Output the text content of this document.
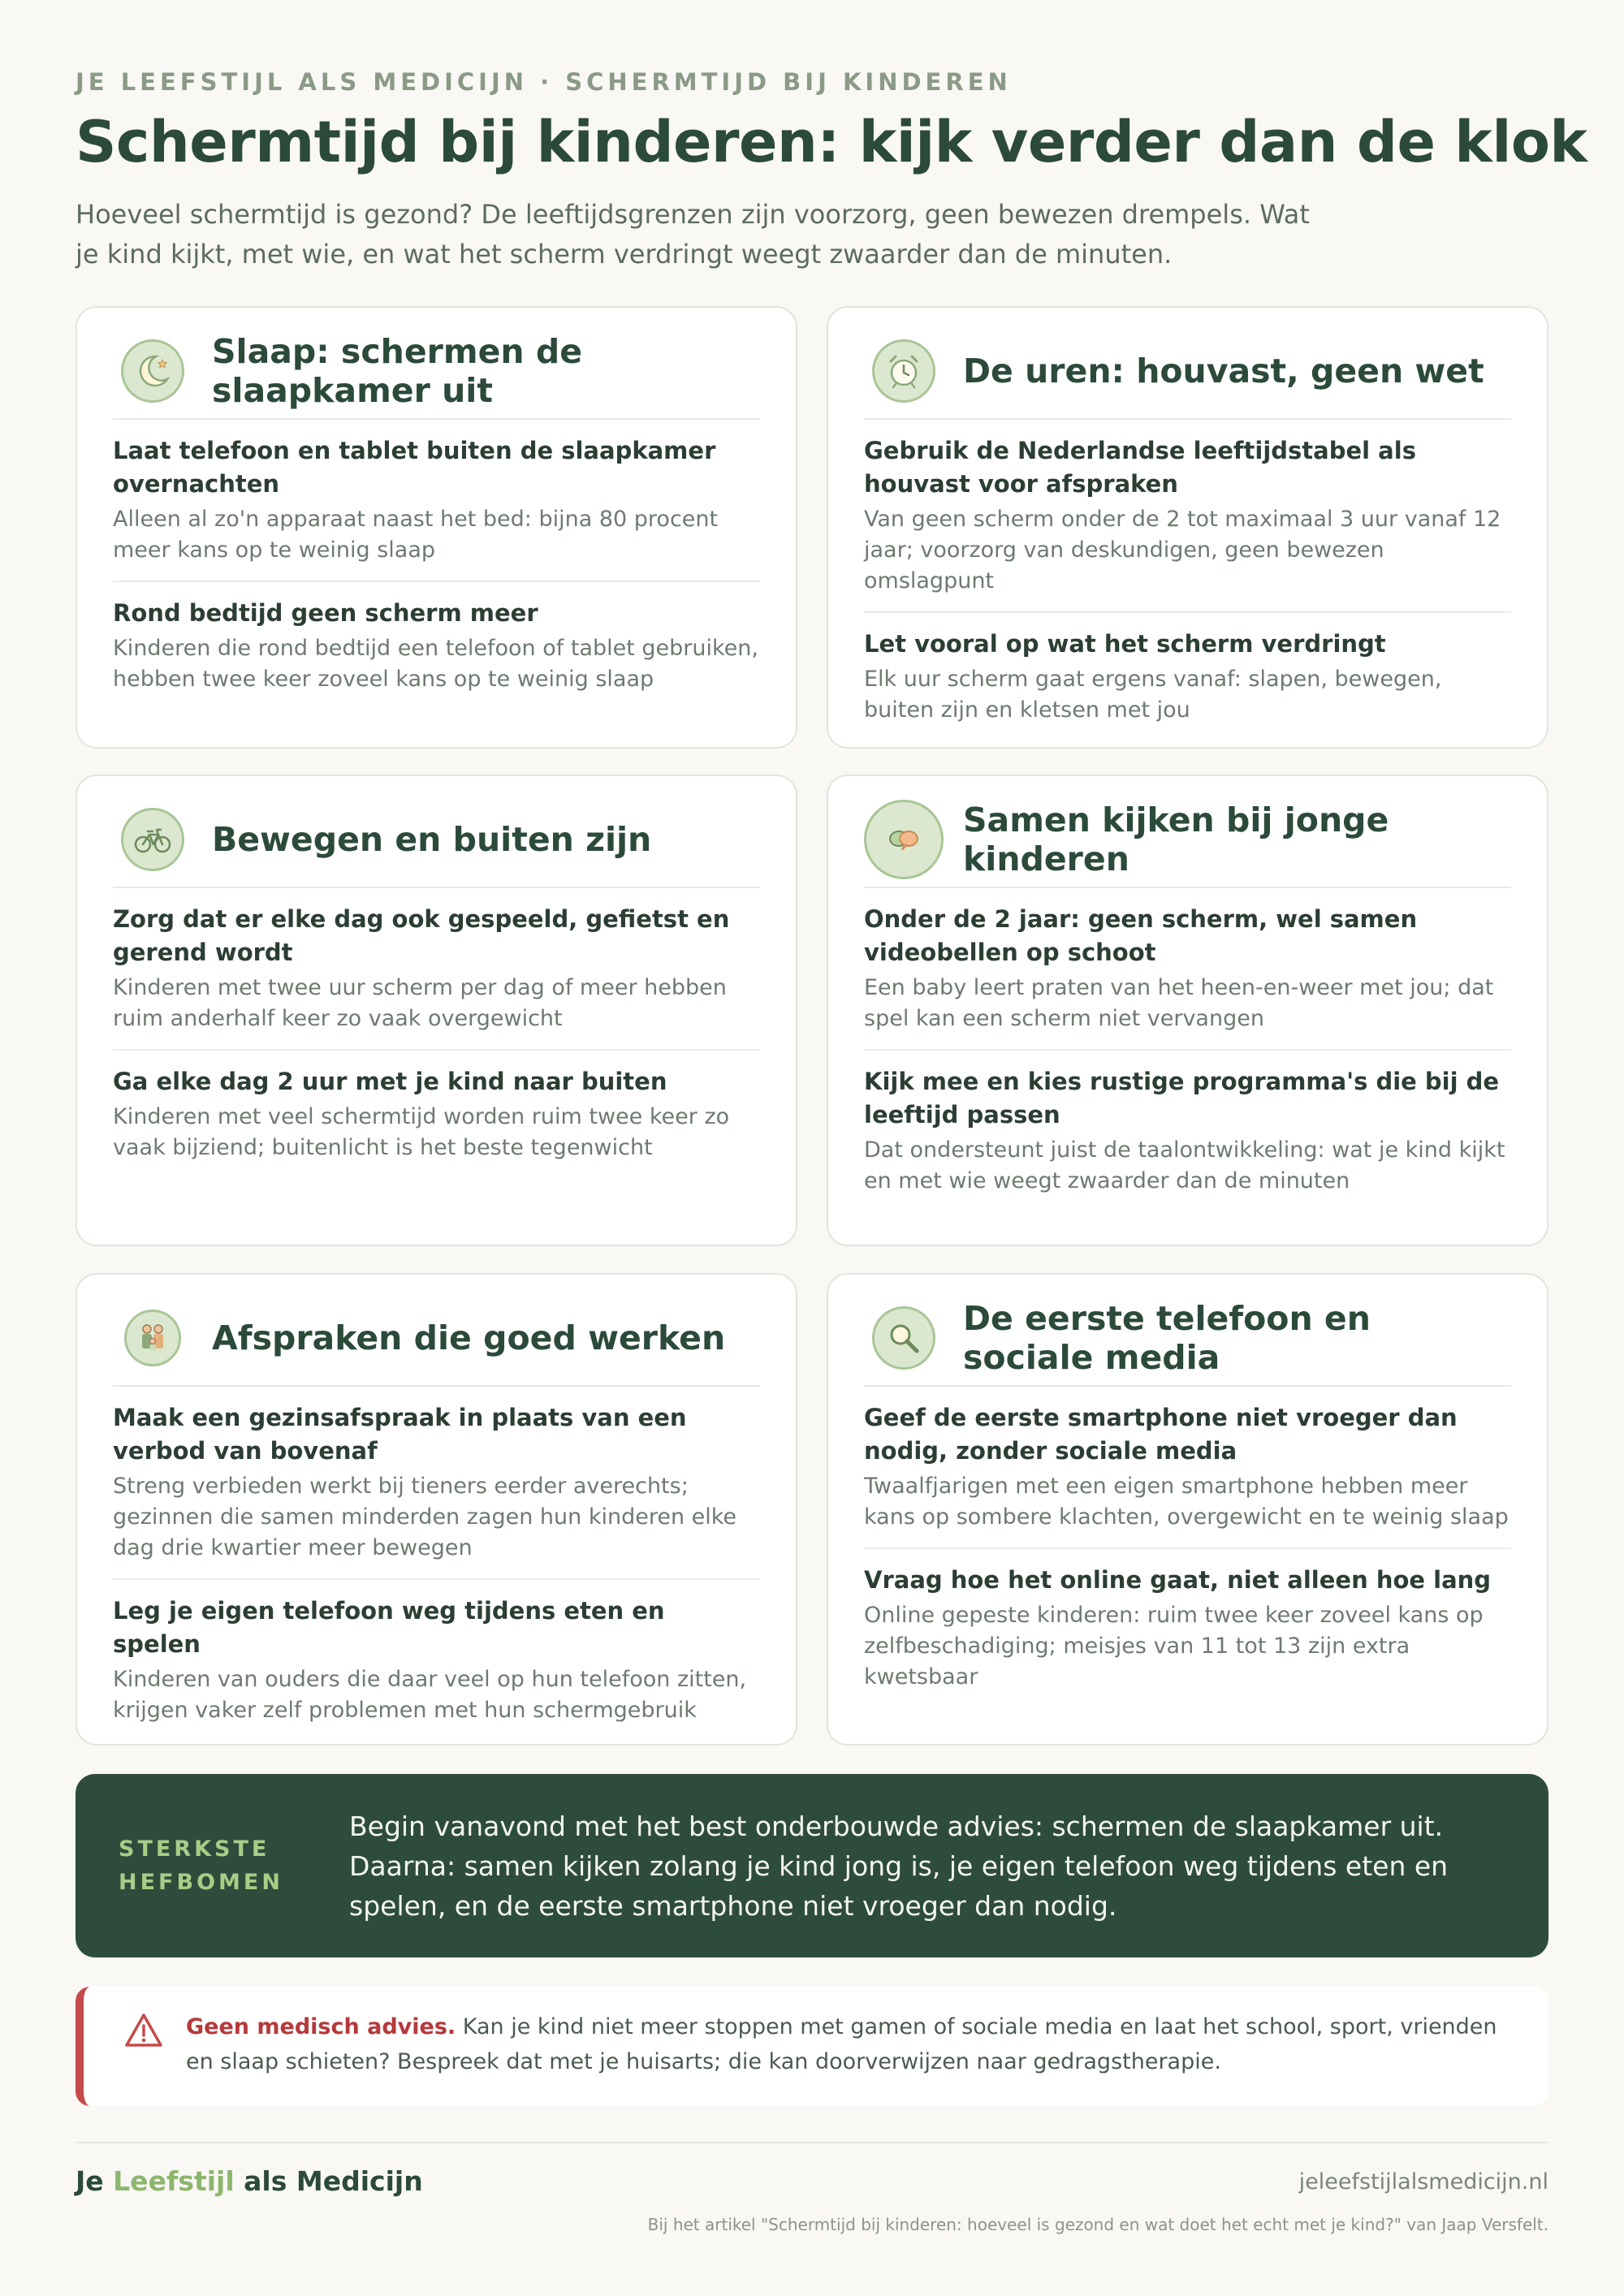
JE LEEFSTIJL ALS MEDICIJN · SCHERMTIJD BIJ KINDEREN
Schermtijd bij kinderen: kijk verder dan de klok
Hoeveel schermtijd is gezond? De leeftijdsgrenzen zijn voorzorg, geen bewezen drempels. Wat je kind kijkt, met wie, en wat het scherm verdringt weegt zwaarder dan de minuten.
Slaap: schermen de slaapkamer uit
Laat telefoon en tablet buiten de slaapkamer overnachten
Alleen al zo'n apparaat naast het bed: bijna 80 procent meer kans op te weinig slaap
Rond bedtijd geen scherm meer
Kinderen die rond bedtijd een telefoon of tablet gebruiken, hebben twee keer zoveel kans op te weinig slaap
De uren: houvast, geen wet
Gebruik de Nederlandse leeftijdstabel als houvast voor afspraken
Van geen scherm onder de 2 tot maximaal 3 uur vanaf 12 jaar; voorzorg van deskundigen, geen bewezen omslagpunt
Let vooral op wat het scherm verdringt
Elk uur scherm gaat ergens vanaf: slapen, bewegen, buiten zijn en kletsen met jou
Bewegen en buiten zijn
Zorg dat er elke dag ook gespeeld, gefietst en gerend wordt
Kinderen met twee uur scherm per dag of meer hebben ruim anderhalf keer zo vaak overgewicht
Ga elke dag 2 uur met je kind naar buiten
Kinderen met veel schermtijd worden ruim twee keer zo vaak bijziend; buitenlicht is het beste tegenwicht
Samen kijken bij jonge kinderen
Onder de 2 jaar: geen scherm, wel samen videobellen op schoot
Een baby leert praten van het heen-en-weer met jou; dat spel kan een scherm niet vervangen
Kijk mee en kies rustige programma's die bij de leeftijd passen
Dat ondersteunt juist de taalontwikkeling: wat je kind kijkt en met wie weegt zwaarder dan de minuten
Afspraken die goed werken
Maak een gezinsafspraak in plaats van een verbod van bovenaf
Streng verbieden werkt bij tieners eerder averechts; gezinnen die samen minderden zagen hun kinderen elke dag drie kwartier meer bewegen
Leg je eigen telefoon weg tijdens eten en spelen
Kinderen van ouders die daar veel op hun telefoon zitten, krijgen vaker zelf problemen met hun schermgebruik
De eerste telefoon en sociale media
Geef de eerste smartphone niet vroeger dan nodig, zonder sociale media
Twaalfjarigen met een eigen smartphone hebben meer kans op sombere klachten, overgewicht en te weinig slaap
Vraag hoe het online gaat, niet alleen hoe lang
Online gepeste kinderen: ruim twee keer zoveel kans op zelfbeschadiging; meisjes van 11 tot 13 zijn extra kwetsbaar
STERKSTE
HEFBOMEN
Begin vanavond met het best onderbouwde advies: schermen de slaapkamer uit. Daarna: samen kijken zolang je kind jong is, je eigen telefoon weg tijdens eten en spelen, en de eerste smartphone niet vroeger dan nodig.
Geen medisch advies. Kan je kind niet meer stoppen met gamen of sociale media en laat het school, sport, vrienden en slaap schieten? Bespreek dat met je huisarts; die kan doorverwijzen naar gedragstherapie.
Je Leefstijl als Medicijn	jeleefstijlalsmedicijn.nl
Bij het artikel "Schermtijd bij kinderen: hoeveel is gezond en wat doet het echt met je kind?" van Jaap Versfelt.
